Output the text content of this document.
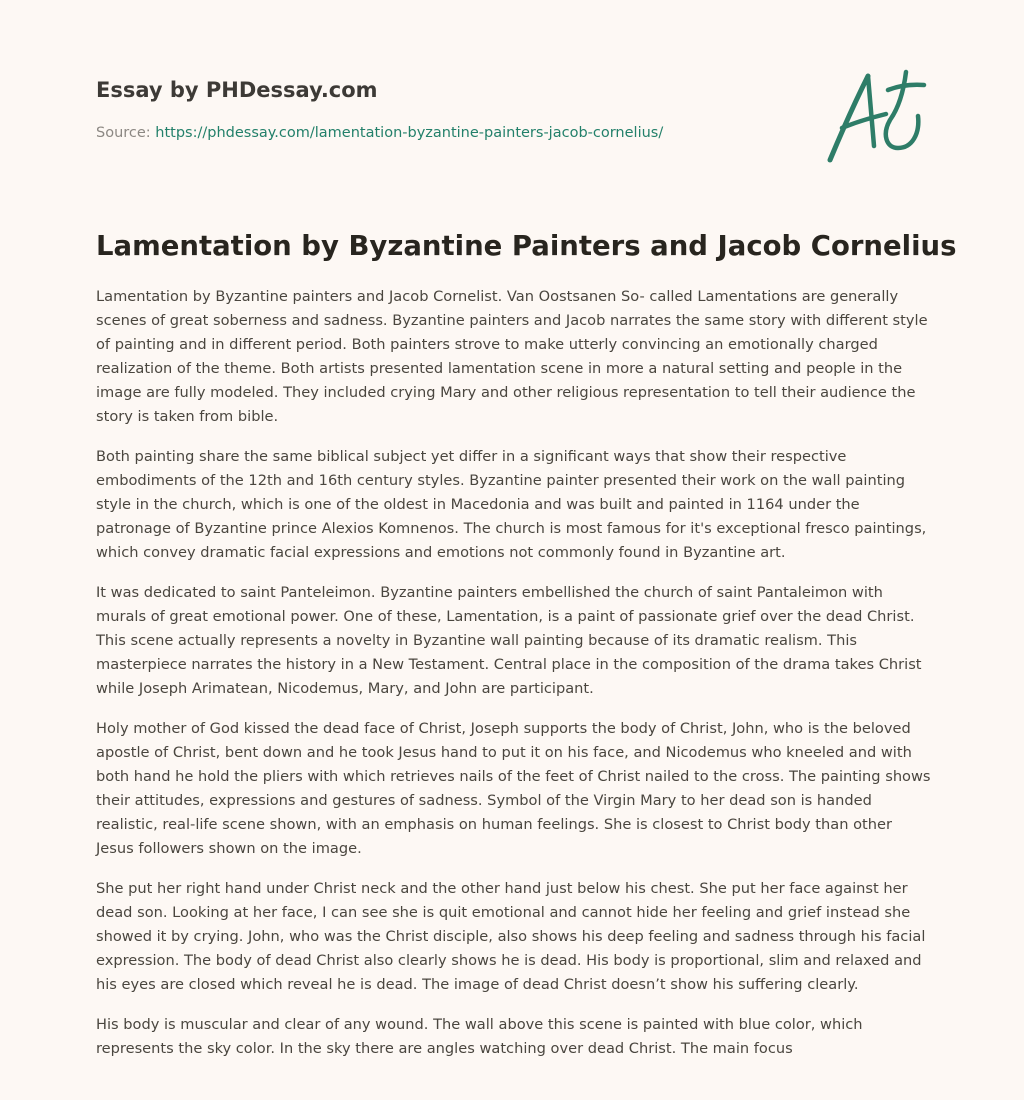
Essay by PHDessay.com
Source: https://phdessay.com/lamentation-byzantine-painters-jacob-cornelius/
Lamentation by Byzantine Painters and Jacob Cornelius

Lamentation by Byzantine painters and Jacob Cornelist. Van Oostsanen So- called Lamentations are generally scenes of great soberness and sadness. Byzantine painters and Jacob narrates the same story with different style of painting and in different period. Both painters strove to make utterly convincing an emotionally charged realization of the theme. Both artists presented lamentation scene in more a natural setting and people in the image are fully modeled. They included crying Mary and other religious representation to tell their audience the story is taken from bible.

Both painting share the same biblical subject yet differ in a significant ways that show their respective embodiments of the 12th and 16th century styles. Byzantine painter presented their work on the wall painting style in the church, which is one of the oldest in Macedonia and was built and painted in 1164 under the patronage of Byzantine prince Alexios Komnenos. The church is most famous for it's exceptional fresco paintings, which convey dramatic facial expressions and emotions not commonly found in Byzantine art.

It was dedicated to saint Panteleimon. Byzantine painters embellished the church of saint Pantaleimon with murals of great emotional power. One of these, Lamentation, is a paint of passionate grief over the dead Christ. This scene actually represents a novelty in Byzantine wall painting because of its dramatic realism. This masterpiece narrates the history in a New Testament. Central place in the composition of the drama takes Christ while Joseph Arimatean, Nicodemus, Mary, and John are participant.

Holy mother of God kissed the dead face of Christ, Joseph supports the body of Christ, John, who is the beloved apostle of Christ, bent down and he took Jesus hand to put it on his face, and Nicodemus who kneeled and with both hand he hold the pliers with which retrieves nails of the feet of Christ nailed to the cross. The painting shows their attitudes, expressions and gestures of sadness. Symbol of the Virgin Mary to her dead son is handed realistic, real-life scene shown, with an emphasis on human feelings. She is closest to Christ body than other Jesus followers shown on the image.

She put her right hand under Christ neck and the other hand just below his chest. She put her face against her dead son. Looking at her face, I can see she is quit emotional and cannot hide her feeling and grief instead she showed it by crying. John, who was the Christ disciple, also shows his deep feeling and sadness through his facial expression. The body of dead Christ also clearly shows he is dead. His body is proportional, slim and relaxed and his eyes are closed which reveal he is dead. The image of dead Christ doesn’t show his suffering clearly.

His body is muscular and clear of any wound. The wall above this scene is painted with blue color, which represents the sky color. In the sky there are angles watching over dead Christ. The main focus
